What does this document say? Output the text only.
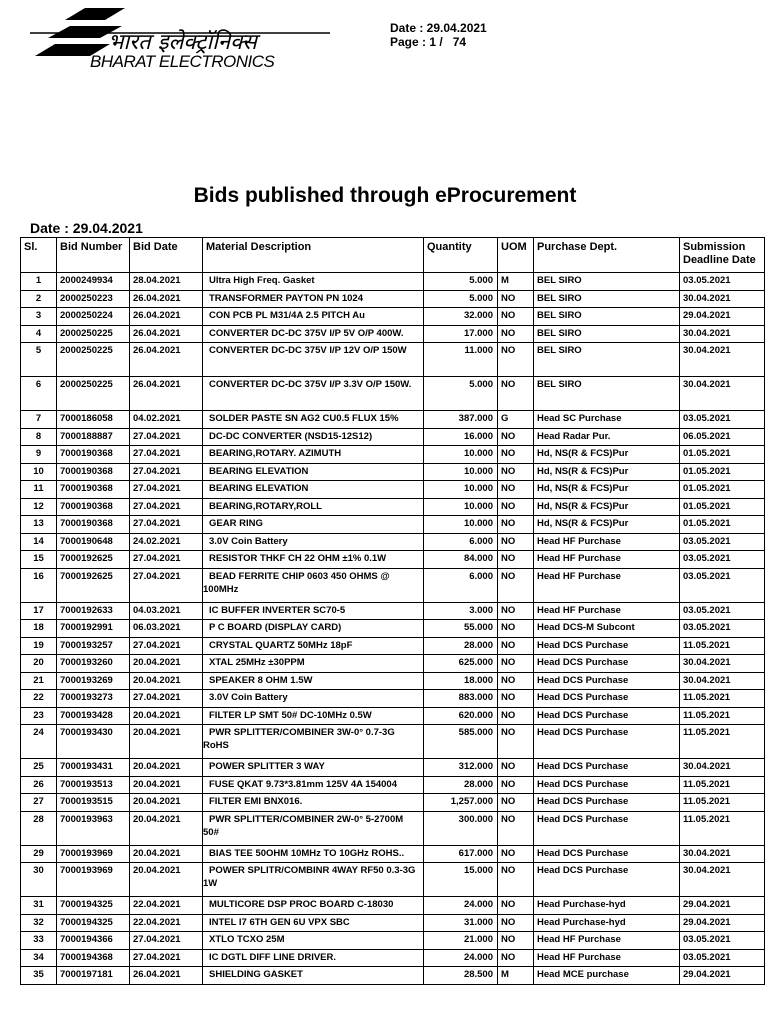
भारत इलेक्ट्रॉनिक्स
BHARAT ELECTRONICS
Date : 29.04.2021
Page : 1 /   74
Bids published through eProcurement
Date : 29.04.2021
Sl.	Bid Number	Bid Date	Material Description	Quantity	UOM	Purchase Dept.	Submission Deadline Date
1	2000249934	28.04.2021	Ultra High Freq. Gasket	5.000	M	BEL SIRO	03.05.2021
2	2000250223	26.04.2021	TRANSFORMER PAYTON PN 1024	5.000	NO	BEL SIRO	30.04.2021
3	2000250224	26.04.2021	CON PCB PL M31/4A 2.5 PITCH Au	32.000	NO	BEL SIRO	29.04.2021
4	2000250225	26.04.2021	CONVERTER DC-DC 375V I/P 5V O/P 400W.	17.000	NO	BEL SIRO	30.04.2021
5	2000250225	26.04.2021	CONVERTER DC-DC 375V I/P 12V O/P 150W	11.000	NO	BEL SIRO	30.04.2021
6	2000250225	26.04.2021	CONVERTER DC-DC 375V I/P 3.3V O/P 150W.	5.000	NO	BEL SIRO	30.04.2021
7	7000186058	04.02.2021	SOLDER PASTE SN AG2 CU0.5 FLUX 15%	387.000	G	Head SC Purchase	03.05.2021
8	7000188887	27.04.2021	DC-DC CONVERTER (NSD15-12S12)	16.000	NO	Head Radar Pur.	06.05.2021
9	7000190368	27.04.2021	BEARING,ROTARY. AZIMUTH	10.000	NO	Hd, NS(R & FCS)Pur	01.05.2021
10	7000190368	27.04.2021	BEARING ELEVATION	10.000	NO	Hd, NS(R & FCS)Pur	01.05.2021
11	7000190368	27.04.2021	BEARING ELEVATION	10.000	NO	Hd, NS(R & FCS)Pur	01.05.2021
12	7000190368	27.04.2021	BEARING,ROTARY,ROLL	10.000	NO	Hd, NS(R & FCS)Pur	01.05.2021
13	7000190368	27.04.2021	GEAR RING	10.000	NO	Hd, NS(R & FCS)Pur	01.05.2021
14	7000190648	24.02.2021	3.0V Coin Battery	6.000	NO	Head HF Purchase	03.05.2021
15	7000192625	27.04.2021	RESISTOR THKF CH 22 OHM ±1% 0.1W	84.000	NO	Head HF Purchase	03.05.2021
16	7000192625	27.04.2021	BEAD FERRITE CHIP 0603 450 OHMS @ 100MHz	6.000	NO	Head HF Purchase	03.05.2021
17	7000192633	04.03.2021	IC BUFFER INVERTER SC70-5	3.000	NO	Head HF Purchase	03.05.2021
18	7000192991	06.03.2021	P C BOARD (DISPLAY CARD)	55.000	NO	Head DCS-M Subcont	03.05.2021
19	7000193257	27.04.2021	CRYSTAL QUARTZ 50MHz 18pF	28.000	NO	Head DCS Purchase	11.05.2021
20	7000193260	20.04.2021	XTAL 25MHz ±30PPM	625.000	NO	Head DCS Purchase	30.04.2021
21	7000193269	20.04.2021	SPEAKER 8 OHM 1.5W	18.000	NO	Head DCS Purchase	30.04.2021
22	7000193273	27.04.2021	3.0V Coin Battery	883.000	NO	Head DCS Purchase	11.05.2021
23	7000193428	20.04.2021	FILTER LP SMT 50# DC-10MHz 0.5W	620.000	NO	Head DCS Purchase	11.05.2021
24	7000193430	20.04.2021	PWR SPLITTER/COMBINER 3W-0° 0.7-3G RoHS	585.000	NO	Head DCS Purchase	11.05.2021
25	7000193431	20.04.2021	POWER SPLITTER 3 WAY	312.000	NO	Head DCS Purchase	30.04.2021
26	7000193513	20.04.2021	FUSE QKAT 9.73*3.81mm 125V 4A 154004	28.000	NO	Head DCS Purchase	11.05.2021
27	7000193515	20.04.2021	FILTER EMI BNX016.	1,257.000	NO	Head DCS Purchase	11.05.2021
28	7000193963	20.04.2021	PWR SPLITTER/COMBINER 2W-0° 5-2700M 50#	300.000	NO	Head DCS Purchase	11.05.2021
29	7000193969	20.04.2021	BIAS TEE 50OHM 10MHz TO 10GHz ROHS..	617.000	NO	Head DCS Purchase	30.04.2021
30	7000193969	20.04.2021	POWER SPLITR/COMBINR 4WAY RF50 0.3-3G 1W	15.000	NO	Head DCS Purchase	30.04.2021
31	7000194325	22.04.2021	MULTICORE DSP PROC BOARD C-18030	24.000	NO	Head Purchase-hyd	29.04.2021
32	7000194325	22.04.2021	INTEL I7 6TH GEN 6U VPX SBC	31.000	NO	Head Purchase-hyd	29.04.2021
33	7000194366	27.04.2021	XTLO TCXO 25M	21.000	NO	Head HF Purchase	03.05.2021
34	7000194368	27.04.2021	IC DGTL DIFF LINE DRIVER.	24.000	NO	Head HF Purchase	03.05.2021
35	7000197181	26.04.2021	SHIELDING GASKET	28.500	M	Head MCE purchase	29.04.2021
